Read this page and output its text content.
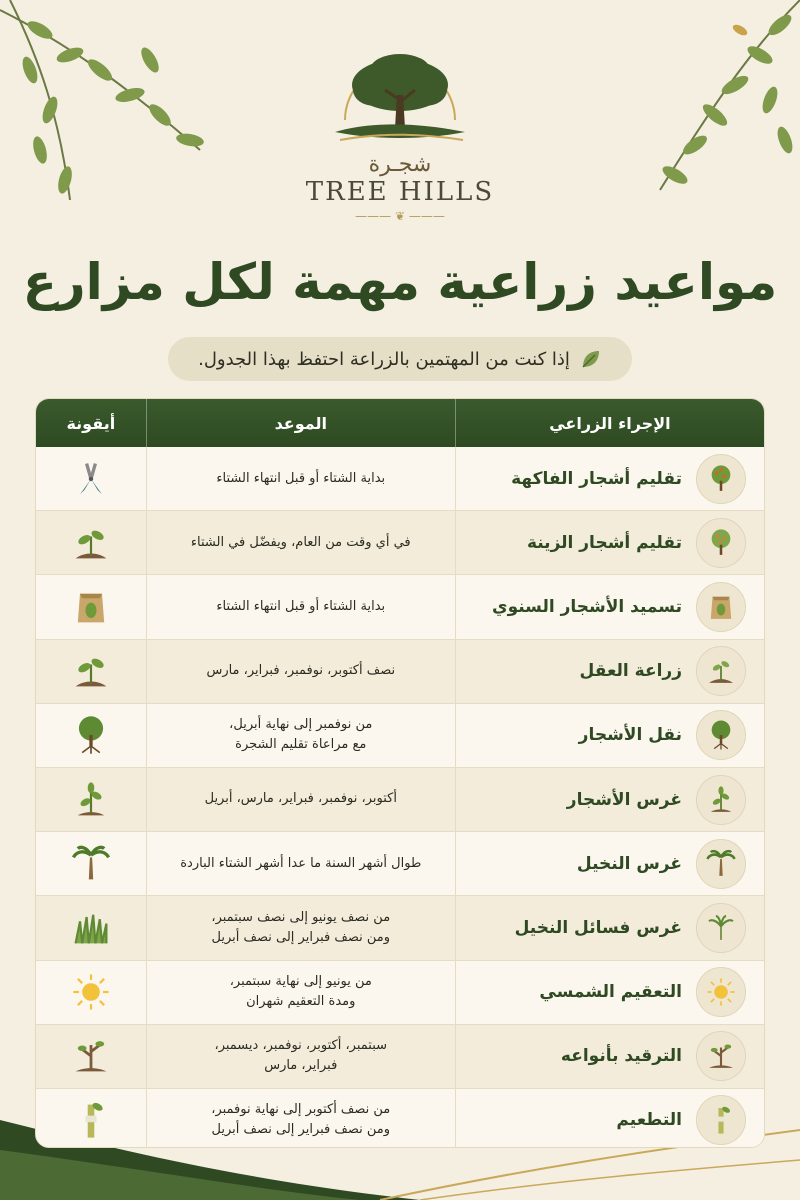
شجـرة
TREE HILLS
——— ❦ ———
مواعيد زراعية مهمة لكل مزارع
إذا كنت من المهتمين بالزراعة احتفظ بهذا الجدول.
الإجراء الزراعي
الموعد
أيقونة
تقليم أشجار الفاكهة
بداية الشتاء أو قبل انتهاء الشتاء
تقليم أشجار الزينة
في أي وقت من العام، ويفضّل في الشتاء
تسميد الأشجار السنوي
بداية الشتاء أو قبل انتهاء الشتاء
زراعة العقل
نصف أكتوبر، نوفمبر، فبراير، مارس
نقل الأشجار
من نوفمبر إلى نهاية أبريل،
مع مراعاة تقليم الشجرة
غرس الأشجار
أكتوبر، نوفمبر، فبراير، مارس، أبريل
غرس النخيل
طوال أشهر السنة ما عدا أشهر الشتاء الباردة
غرس فسائل النخيل
من نصف يونيو إلى نصف سبتمبر،
ومن نصف فبراير إلى نصف أبريل
التعقيم الشمسي
من يونيو إلى نهاية سبتمبر،
ومدة التعقيم شهران
الترقيد بأنواعه
سبتمبر، أكتوبر، نوفمبر، ديسمبر،
فبراير، مارس
التطعيم
من نصف أكتوبر إلى نهاية نوفمبر،
ومن نصف فبراير إلى نصف أبريل
